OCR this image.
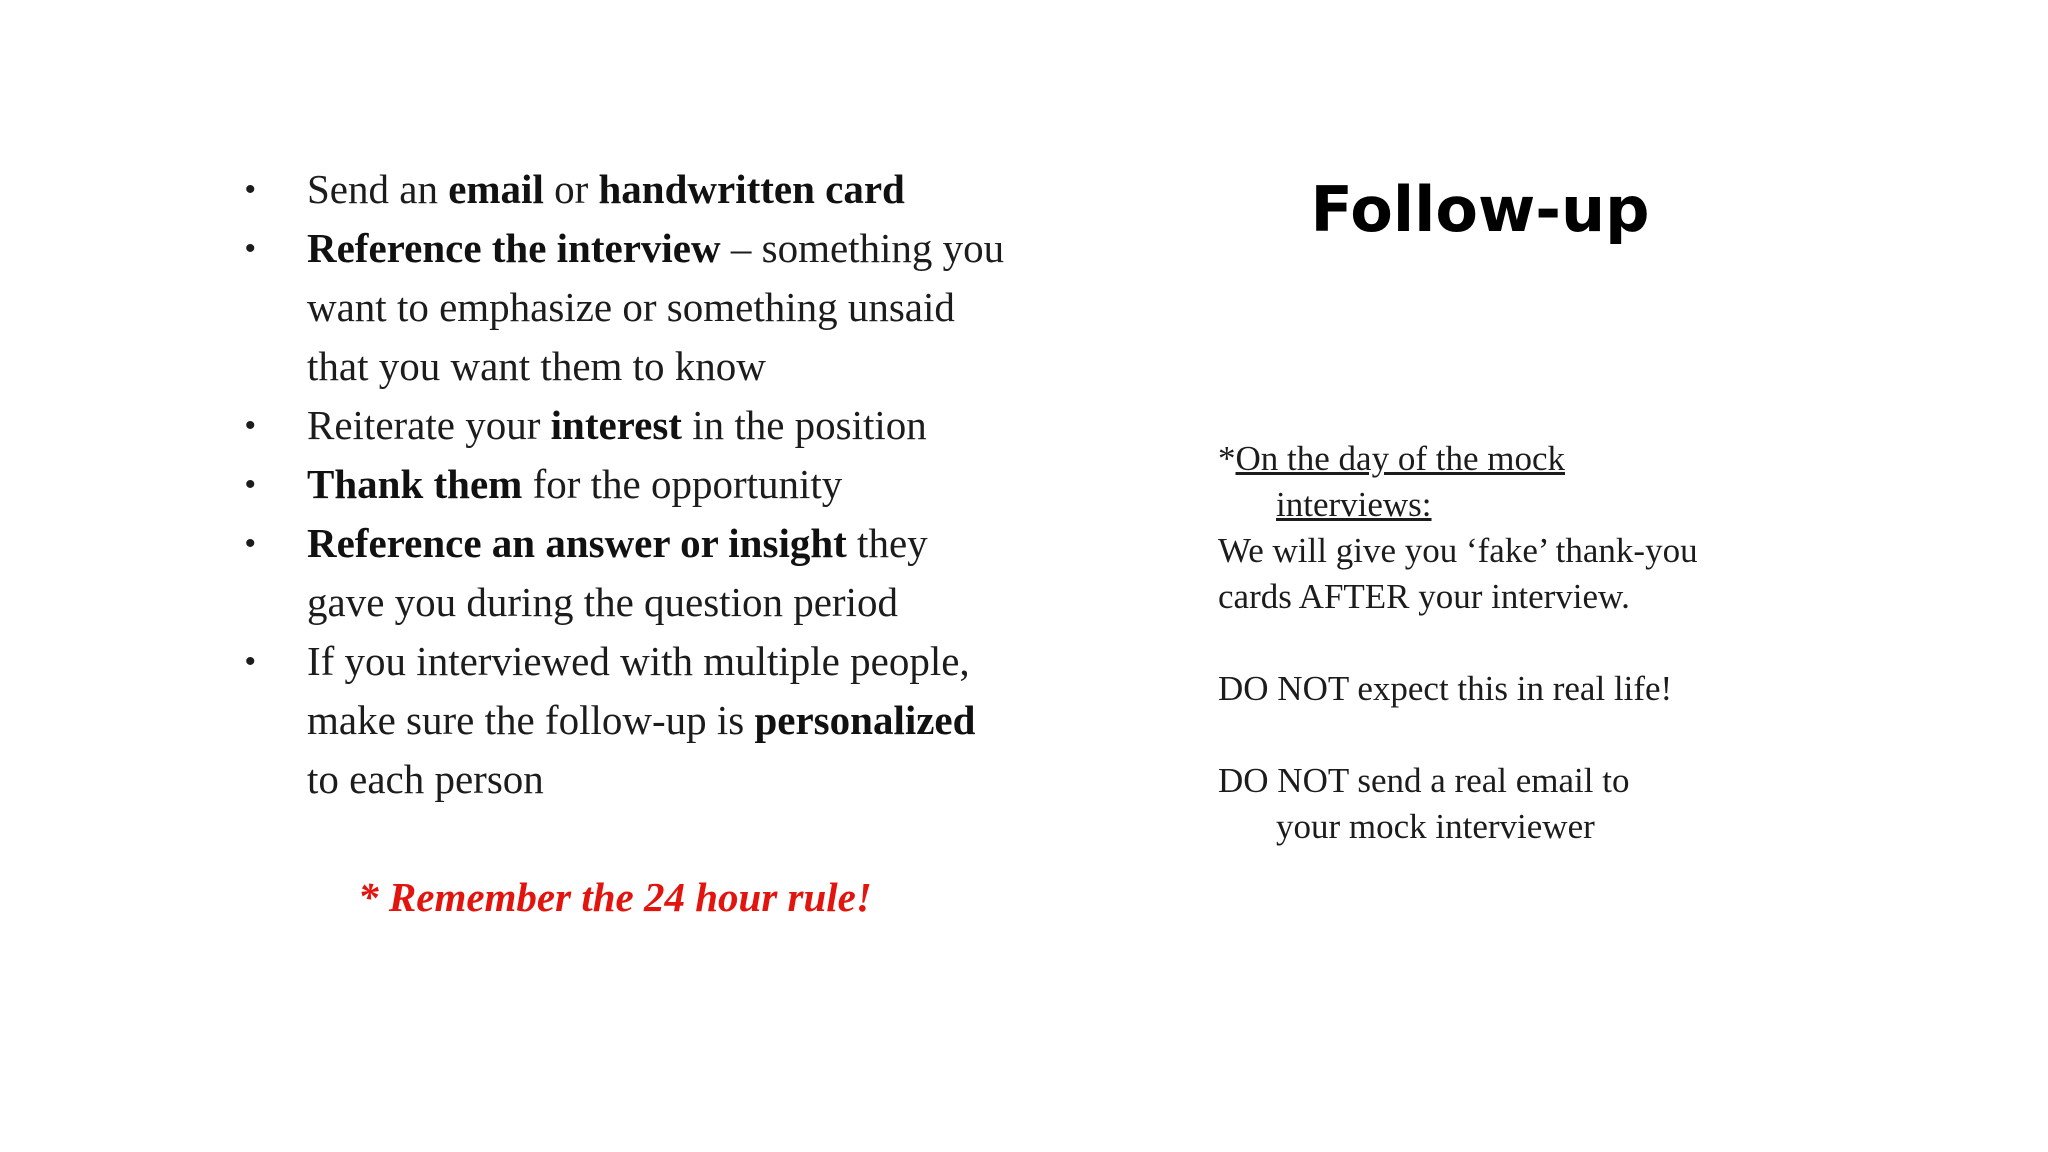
• Send an email or handwritten card
• Reference the interview – something you want to emphasize or something unsaid that you want them to know
• Reiterate your interest in the position
• Thank them for the opportunity
• Reference an answer or insight they gave you during the question period
• If you interviewed with multiple people, make sure the follow-up is personalized to each person
* Remember the 24 hour rule!
Follow-up

*On the day of the mock

interviews:

We will give you ‘fake’ thank-you

cards AFTER your interview.

DO NOT expect this in real life!

DO NOT send a real email to

your mock interviewer
